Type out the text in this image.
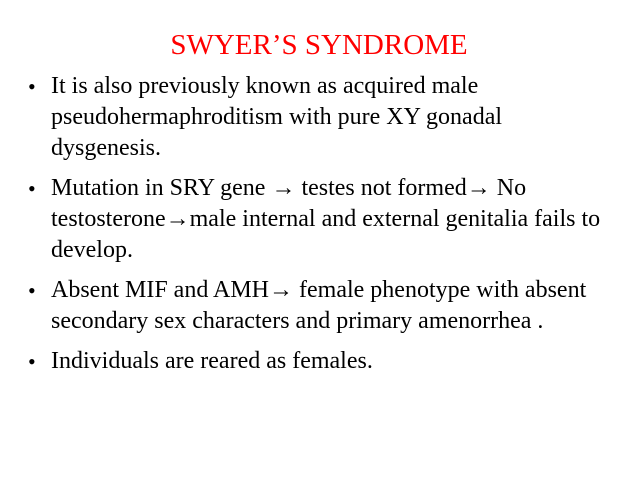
SWYER’S SYNDROME
• It is also previously known as acquired male pseudohermaphroditism with pure XY gonadal dysgenesis.
• Mutation in SRY gene → testes not formed→ No testosterone→male internal and external genitalia fails to develop.
• Absent MIF and AMH→ female phenotype with absent secondary sex characters and primary amenorrhea .
• Individuals are reared as females.
